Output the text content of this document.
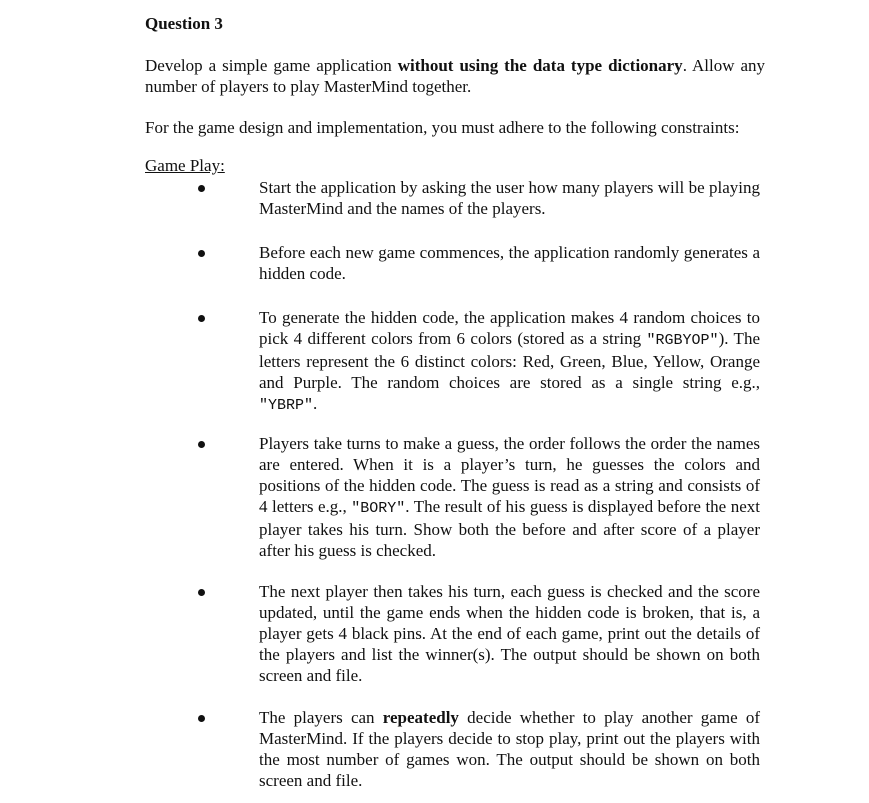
Question 3
Develop a simple game application without using the data type dictionary. Allow any number of players to play MasterMind together.
For the game design and implementation, you must adhere to the following constraints:
Game Play:
Start the application by asking the user how many players will be playing MasterMind and the names of the players.
Before each new game commences, the application randomly generates a hidden code.
To generate the hidden code, the application makes 4 random choices to pick 4 different colors from 6 colors (stored as a string "RGBYOP"). The letters represent the 6 distinct colors: Red, Green, Blue, Yellow, Orange and Purple. The random choices are stored as a single string e.g., "YBRP".
Players take turns to make a guess, the order follows the order the names are entered. When it is a player’s turn, he guesses the colors and positions of the hidden code. The guess is read as a string and consists of 4 letters e.g., "BORY". The result of his guess is displayed before the next player takes his turn. Show both the before and after score of a player after his guess is checked.
The next player then takes his turn, each guess is checked and the score updated, until the game ends when the hidden code is broken, that is, a player gets 4 black pins. At the end of each game, print out the details of the players and list the winner(s). The output should be shown on both screen and file.
The players can repeatedly decide whether to play another game of MasterMind. If the players decide to stop play, print out the players with the most number of games won. The output should be shown on both screen and file.
